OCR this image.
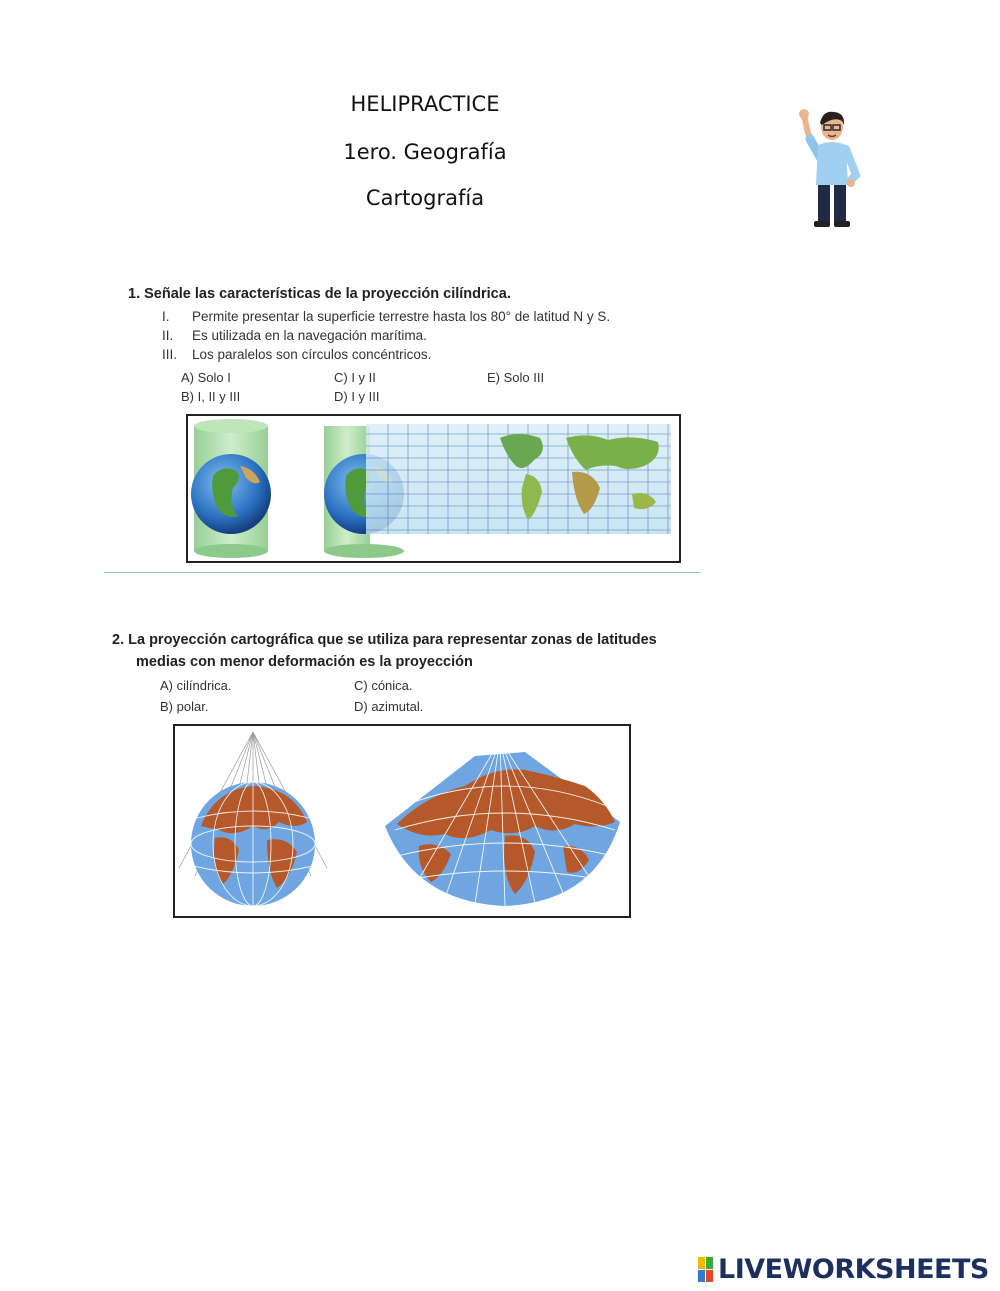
HELIPRACTICE
1ero. Geografía
Cartografía
1. Señale las características de la proyección cilíndrica.
I. Permite presentar la superficie terrestre hasta los 80° de latitud N y S.
II. Es utilizada en la navegación marítima.
III. Los paralelos son círculos concéntricos.
A) Solo I
B) I, II y III
C) I y II
D) I y III
E) Solo III
2. La proyección cartográfica que se utiliza para representar zonas de latitudes
medias con menor deformación es la proyección
A) cilíndrica.
B) polar.
C) cónica.
D) azimutal.
LIVEWORKSHEETS
